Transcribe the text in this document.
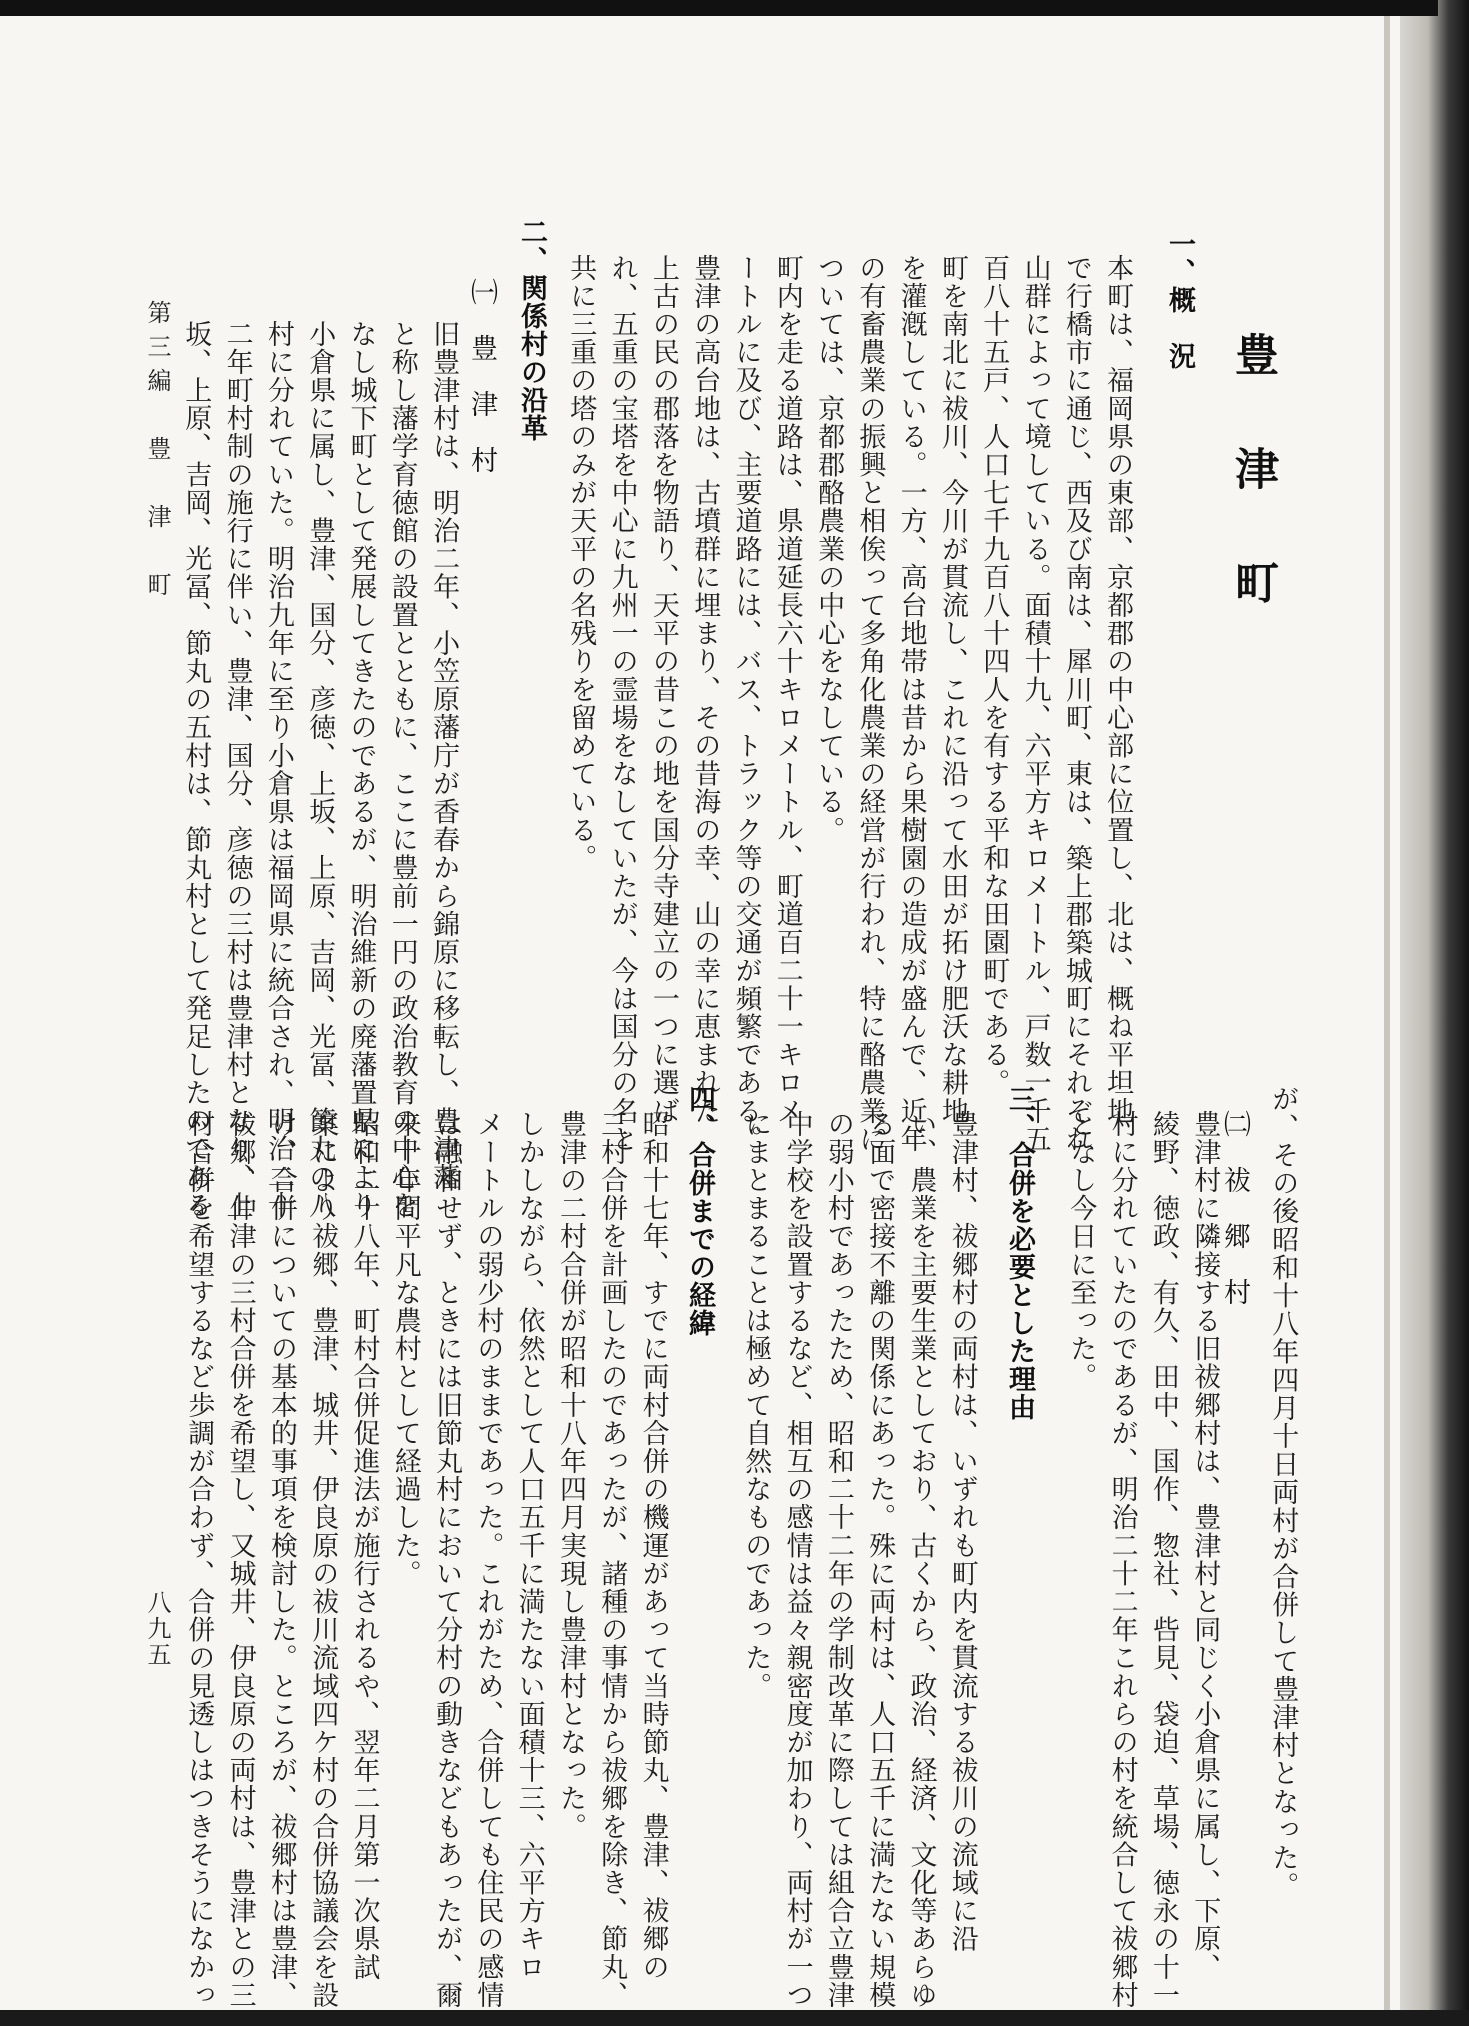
豊津町
一、概　況
本町は、福岡県の東部、京都郡の中心部に位置し、北は、概ね平坦地
で行橋市に通じ、西及び南は、犀川町、東は、築上郡築城町にそれぞれ
山群によって境している。面積十九、六平方キロメートル、戸数一千五
百八十五戸、人口七千九百八十四人を有する平和な田園町である。
町を南北に祓川、今川が貫流し、これに沿って水田が拓け肥沃な耕地
を灌漑している。一方、高台地帯は昔から果樹園の造成が盛んで、近年
の有畜農業の振興と相俟って多角化農業の経営が行われ、特に酪農業に
ついては、京都郡酪農業の中心をなしている。
町内を走る道路は、県道延長六十キロメートル、町道百二十一キロメ
ートルに及び、主要道路には、バス、トラック等の交通が頻繁である。
豊津の高台地は、古墳群に埋まり、その昔海の幸、山の幸に恵まれた
上古の民の郡落を物語り、天平の昔この地を国分寺建立の一つに選ば
れ、五重の宝塔を中心に九州一の霊場をなしていたが、今は国分の名と
共に三重の塔のみが天平の名残りを留めている。
二、関係村の沿革
㈠　豊　津　村
旧豊津村は、明治二年、小笠原藩庁が香春から錦原に移転し、豊津藩
と称し藩学育徳館の設置とともに、ここに豊前一円の政治教育の中心を
なし城下町として発展してきたのであるが、明治維新の廃藩置県により
小倉県に属し、豊津、国分、彦徳、上坂、上原、吉岡、光冨、節丸の八
村に分れていた。明治九年に至り小倉県は福岡県に統合され、明治二十
二年町村制の施行に伴い、豊津、国分、彦徳の三村は豊津村となり、上
坂、上原、吉岡、光冨、節丸の五村は、節丸村として発足したのである
第三編　豊　津　町
が、その後昭和十八年四月十日両村が合併して豊津村となった。
㈡　祓　郷　村
豊津村に隣接する旧祓郷村は、豊津村と同じく小倉県に属し、下原、
綾野、徳政、有久、田中、国作、惣社、呰見、袋迫、草場、徳永の十一
村に分れていたのであるが、明治二十二年これらの村を統合して祓郷村
となし今日に至った。
三、合併を必要とした理由
豊津村、祓郷村の両村は、いずれも町内を貫流する祓川の流域に沿
い、農業を主要生業としており、古くから、政治、経済、文化等あらゆ
る面で密接不離の関係にあった。殊に両村は、人口五千に満たない規模
の弱小村であったため、昭和二十二年の学制改革に際しては組合立豊津
中学校を設置するなど、相互の感情は益々親密度が加わり、両村が一つ
にまとまることは極めて自然なものであった。
四、合併までの経緯
昭和十七年、すでに両村合併の機運があって当時節丸、豊津、祓郷の
三村合併を計画したのであったが、諸種の事情から祓郷を除き、節丸、
豊津の二村合併が昭和十八年四月実現し豊津村となった。
しかしながら、依然として人口五千に満たない面積十三、六平方キロ
メートルの弱少村のままであった。これがため、合併しても住民の感情
は融和せず、ときには旧節丸村において分村の動きなどもあったが、爾
来十年間平凡な農村として経過した。
昭和二十八年、町村合併促進法が施行されるや、翌年二月第一次県試
案により祓郷、豊津、城井、伊良原の祓川流域四ケ村の合併協議会を設
け、合併についての基本的事項を検討した。ところが、祓郷村は豊津、
祓郷、仲津の三村合併を希望し、又城井、伊良原の両村は、豊津との三
村合併を希望するなど歩調が合わず、合併の見透しはつきそうになかっ
八九五
